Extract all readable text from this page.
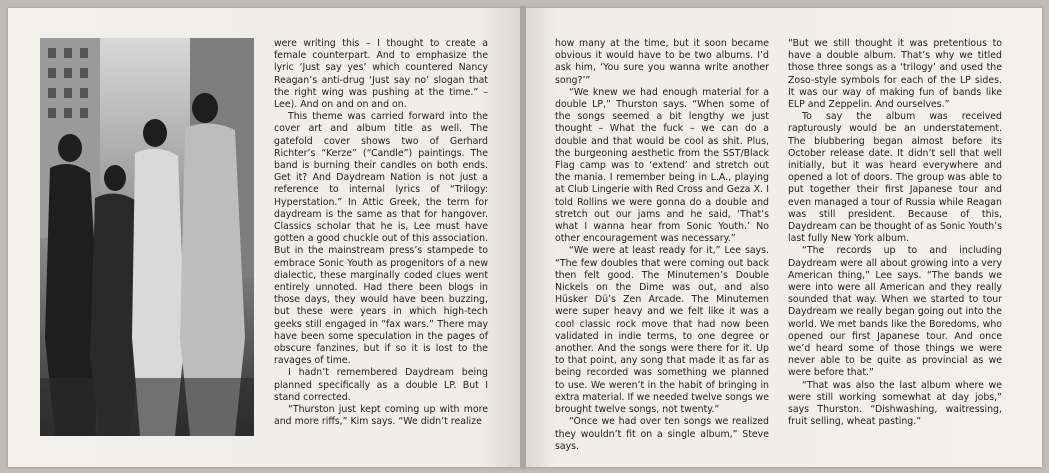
were writing this – I thought to create a female counterpart. And to emphasize the lyric ‘Just say yes’ which countered Nancy Reagan’s anti-drug ‘Just say no’ slogan that the right wing was pushing at the time.” – Lee). And on and on and on.

This theme was carried forward into the cover art and album title as well. The gatefold cover shows two of Gerhard Richter’s “Kerze” (“Candle”) paintings. The band is burning their candles on both ends. Get it? And Daydream Nation is not just a reference to internal lyrics of “Trilogy: Hyperstation.” In Attic Greek, the term for daydream is the same as that for hangover. Classics scholar that he is, Lee must have gotten a good chuckle out of this association. But in the mainstream press’s stampede to embrace Sonic Youth as progenitors of a new dialectic, these marginally coded clues went entirely unnoted. Had there been blogs in those days, they would have been buzzing, but these were years in which high-tech geeks still engaged in “fax wars.” There may have been some speculation in the pages of obscure fanzines, but if so it is lost to the ravages of time.

I hadn’t remembered Daydream being planned specifically as a double LP. But I stand corrected.

“Thurston just kept coming up with more and more riffs,” Kim says. “We didn’t realize

how many at the time, but it soon became obvious it would have to be two albums. I’d ask him, ‘You sure you wanna write another song?’”

“We knew we had enough material for a double LP,” Thurston says. “When some of the songs seemed a bit lengthy we just thought – What the fuck – we can do a double and that would be cool as shit. Plus, the burgeoning aesthetic from the SST/Black Flag camp was to ‘extend’ and stretch out the mania. I remember being in L.A., playing at Club Lingerie with Red Cross and Geza X. I told Rollins we were gonna do a double and stretch out our jams and he said, ‘That’s what I wanna hear from Sonic Youth.’ No other encouragement was necessary.”

“We were at least ready for it,” Lee says. “The few doubles that were coming out back then felt good. The Minutemen’s Double Nickels on the Dime was out, and also Hüsker Dü’s Zen Arcade. The Minutemen were super heavy and we felt like it was a cool classic rock move that had now been validated in indie terms, to one degree or another. And the songs were there for it. Up to that point, any song that made it as far as being recorded was something we planned to use. We weren’t in the habit of bringing in extra material. If we needed twelve songs we brought twelve songs, not twenty.”

“Once we had over ten songs we realized they wouldn’t fit on a single album,” Steve says.

“But we still thought it was pretentious to have a double album. That’s why we titled those three songs as a ‘trilogy’ and used the Zoso-style symbols for each of the LP sides. It was our way of making fun of bands like ELP and Zeppelin. And ourselves.”

To say the album was received rapturously would be an understatement. The blubbering began almost before its October release date. It didn’t sell that well initially, but it was heard everywhere and opened a lot of doors. The group was able to put together their first Japanese tour and even managed a tour of Russia while Reagan was still president. Because of this, Daydream can be thought of as Sonic Youth’s last fully New York album.

“The records up to and including Daydream were all about growing into a very American thing,” Lee says. “The bands we were into were all American and they really sounded that way. When we started to tour Daydream we really began going out into the world. We met bands like the Boredoms, who opened our first Japanese tour. And once we’d heard some of those things we were never able to be quite as provincial as we were before that.”

“That was also the last album where we were still working somewhat at day jobs,” says Thurston. “Dishwashing, waitressing, fruit selling, wheat pasting.”
